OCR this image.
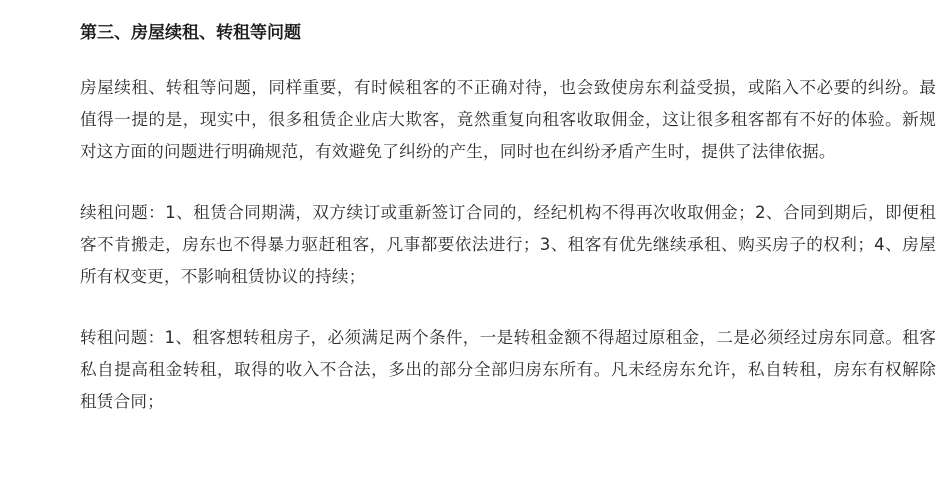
第三、房屋续租、转租等问题

房屋续租、转租等问题，同样重要，有时候租客的不正确对待，也会致使房东利益受损，或陷入不必要的纠纷。最值得一提的是，现实中，很多租赁企业店大欺客，竟然重复向租客收取佣金，这让很多租客都有不好的体验。新规对这方面的问题进行明确规范，有效避免了纠纷的产生，同时也在纠纷矛盾产生时，提供了法律依据。

续租问题：1、租赁合同期满，双方续订或重新签订合同的，经纪机构不得再次收取佣金；2、合同到期后，即便租客不肯搬走，房东也不得暴力驱赶租客，凡事都要依法进行；3、租客有优先继续承租、购买房子的权利；4、房屋所有权变更，不影响租赁协议的持续；

转租问题：1、租客想转租房子，必须满足两个条件，一是转租金额不得超过原租金，二是必须经过房东同意。租客私自提高租金转租，取得的收入不合法，多出的部分全部归房东所有。凡未经房东允许，私自转租，房东有权解除租赁合同；
